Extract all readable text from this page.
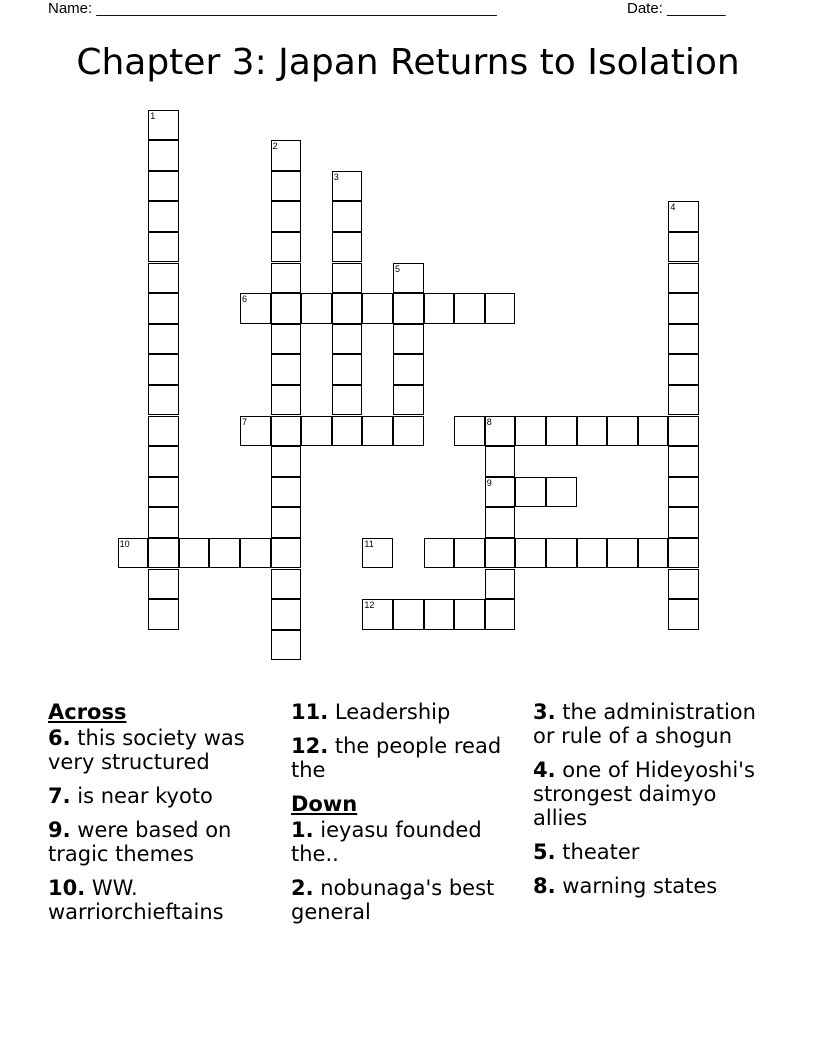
Name: ________________________________________________	Date: _______
Chapter 3: Japan Returns to Isolation
1
2
3
5
4
6
7	8
9
10	11
12
Across
6. this society was very structured
7. is near kyoto
9. were based on tragic themes
10. WW. warriorchieftains
11. Leadership
12. the people read the
Down
1. ieyasu founded the..
2. nobunaga's best general
3. the administration or rule of a shogun
4. one of Hideyoshi's strongest daimyo allies
5. theater
8. warning states
